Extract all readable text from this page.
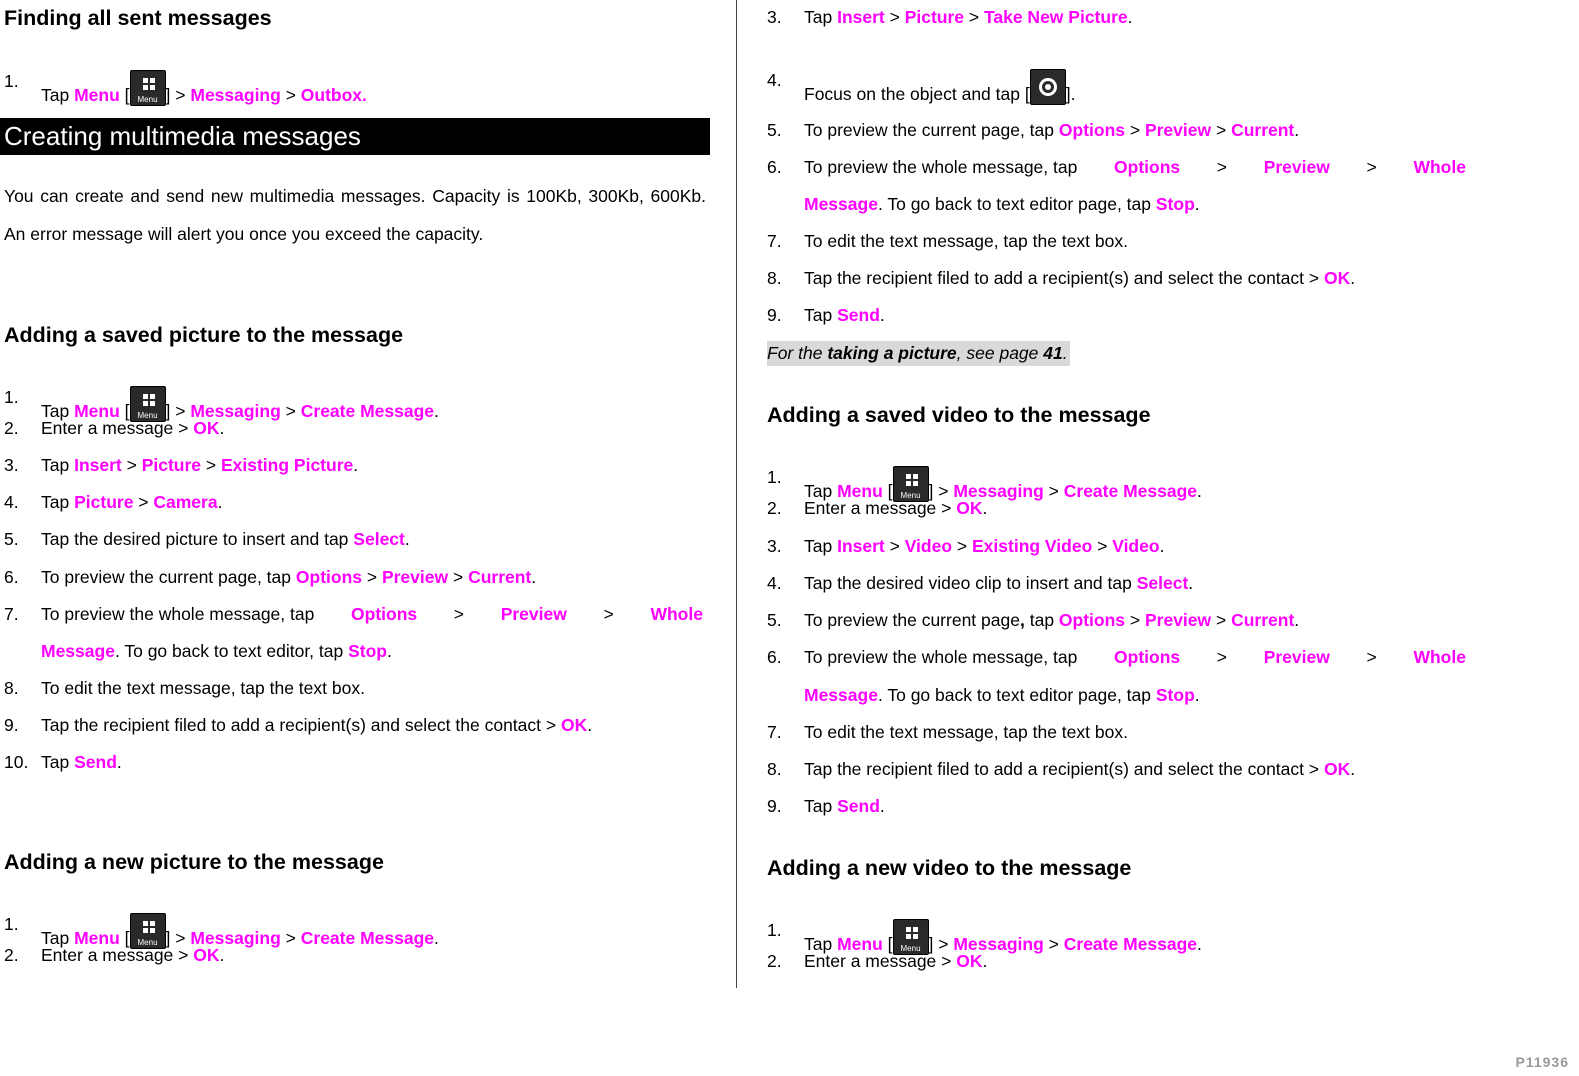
Finding all sent messages
1.
Tap Menu [ Menu ] > Messaging > Outbox.
Creating multimedia messages
You can create and send new multimedia messages. Capacity is 100Kb, 300Kb, 600Kb. An error message will alert you once you exceed the capacity.
Adding a saved picture to the message
1.
Tap Menu [ Menu ] > Messaging > Create Message.
2. Enter a message > OK.
3. Tap Insert > Picture > Existing Picture.
4. Tap Picture > Camera.
5. Tap the desired picture to insert and tap Select.
6. To preview the current page, tap Options > Preview > Current.
7. To preview the whole message, tap Options > Preview > Whole
Message. To go back to text editor, tap Stop.
8. To edit the text message, tap the text box.
9. Tap the recipient filed to add a recipient(s) and select the contact > OK.
10. Tap Send.
Adding a new picture to the message
1.
Tap Menu [ Menu ] > Messaging > Create Message.
2. Enter a message > OK.
3. Tap Insert > Picture > Take New Picture.
4.
Focus on the object and tap [ ].
5. To preview the current page, tap Options > Preview > Current.
6. To preview the whole message, tap Options > Preview > Whole
Message. To go back to text editor page, tap Stop.
7. To edit the text message, tap the text box.
8. Tap the recipient filed to add a recipient(s) and select the contact > OK.
9. Tap Send.
For the taking a picture, see page 41.
Adding a saved video to the message
1.
Tap Menu [ Menu ] > Messaging > Create Message.
2. Enter a message > OK.
3. Tap Insert > Video > Existing Video > Video.
4. Tap the desired video clip to insert and tap Select.
5. To preview the current page, tap Options > Preview > Current.
6. To preview the whole message, tap Options > Preview > Whole
Message. To go back to text editor page, tap Stop.
7. To edit the text message, tap the text box.
8. Tap the recipient filed to add a recipient(s) and select the contact > OK.
9. Tap Send.
Adding a new video to the message
1.
Tap Menu [ Menu ] > Messaging > Create Message.
2. Enter a message > OK.
P11936
